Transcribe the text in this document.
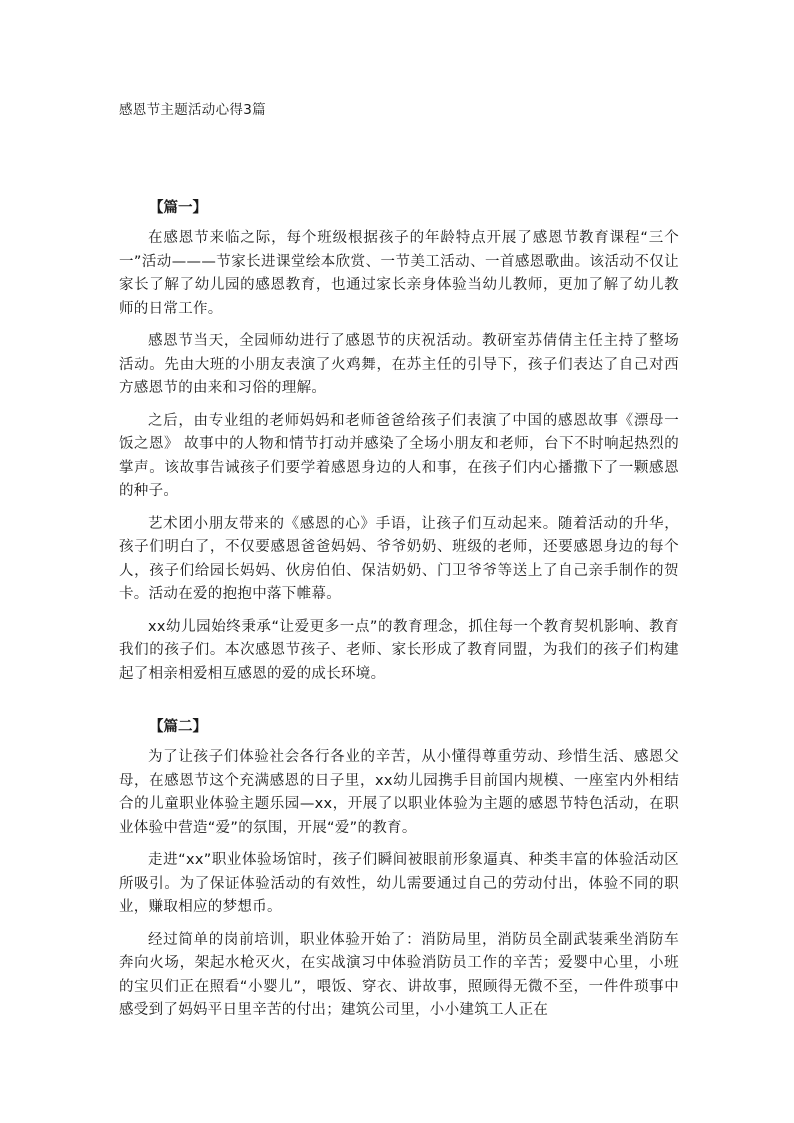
感恩节主题活动心得3篇
【篇一】

在感恩节来临之际，每个班级根据孩子的年龄特点开展了感恩节教育课程“三个一”活动———节家长进课堂绘本欣赏、一节美工活动、一首感恩歌曲。该活动不仅让家长了解了幼儿园的感恩教育，也通过家长亲身体验当幼儿教师，更加了解了幼儿教师的日常工作。

感恩节当天，全园师幼进行了感恩节的庆祝活动。教研室苏倩倩主任主持了整场活动。先由大班的小朋友表演了火鸡舞，在苏主任的引导下，孩子们表达了自己对西方感恩节的由来和习俗的理解。

之后，由专业组的老师妈妈和老师爸爸给孩子们表演了中国的感恩故事《漂母一饭之恩》 故事中的人物和情节打动并感染了全场小朋友和老师，台下不时响起热烈的掌声。该故事告诫孩子们要学着感恩身边的人和事，在孩子们内心播撒下了一颗感恩的种子。

艺术团小朋友带来的《感恩的心》手语，让孩子们互动起来。随着活动的升华，孩子们明白了，不仅要感恩爸爸妈妈、爷爷奶奶、班级的老师，还要感恩身边的每个人，孩子们给园长妈妈、伙房伯伯、保洁奶奶、门卫爷爷等送上了自己亲手制作的贺卡。活动在爱的抱抱中落下帷幕。

xx幼儿园始终秉承“让爱更多一点”的教育理念，抓住每一个教育契机影响、教育我们的孩子们。本次感恩节孩子、老师、家长形成了教育同盟，为我们的孩子们构建起了相亲相爱相互感恩的爱的成长环境。

【篇二】

为了让孩子们体验社会各行各业的辛苦，从小懂得尊重劳动、珍惜生活、感恩父母，在感恩节这个充满感恩的日子里，xx幼儿园携手目前国内规模、一座室内外相结合的儿童职业体验主题乐园—xx，开展了以职业体验为主题的感恩节特色活动，在职业体验中营造“爱”的氛围，开展“爱”的教育。

走进“xx”职业体验场馆时，孩子们瞬间被眼前形象逼真、种类丰富的体验活动区所吸引。为了保证体验活动的有效性，幼儿需要通过自己的劳动付出，体验不同的职业，赚取相应的梦想币。

经过简单的岗前培训，职业体验开始了：消防局里，消防员全副武装乘坐消防车奔向火场，架起水枪灭火，在实战演习中体验消防员工作的辛苦；爱婴中心里，小班的宝贝们正在照看“小婴儿”，喂饭、穿衣、讲故事，照顾得无微不至，一件件琐事中感受到了妈妈平日里辛苦的付出；建筑公司里，小小建筑工人正在
